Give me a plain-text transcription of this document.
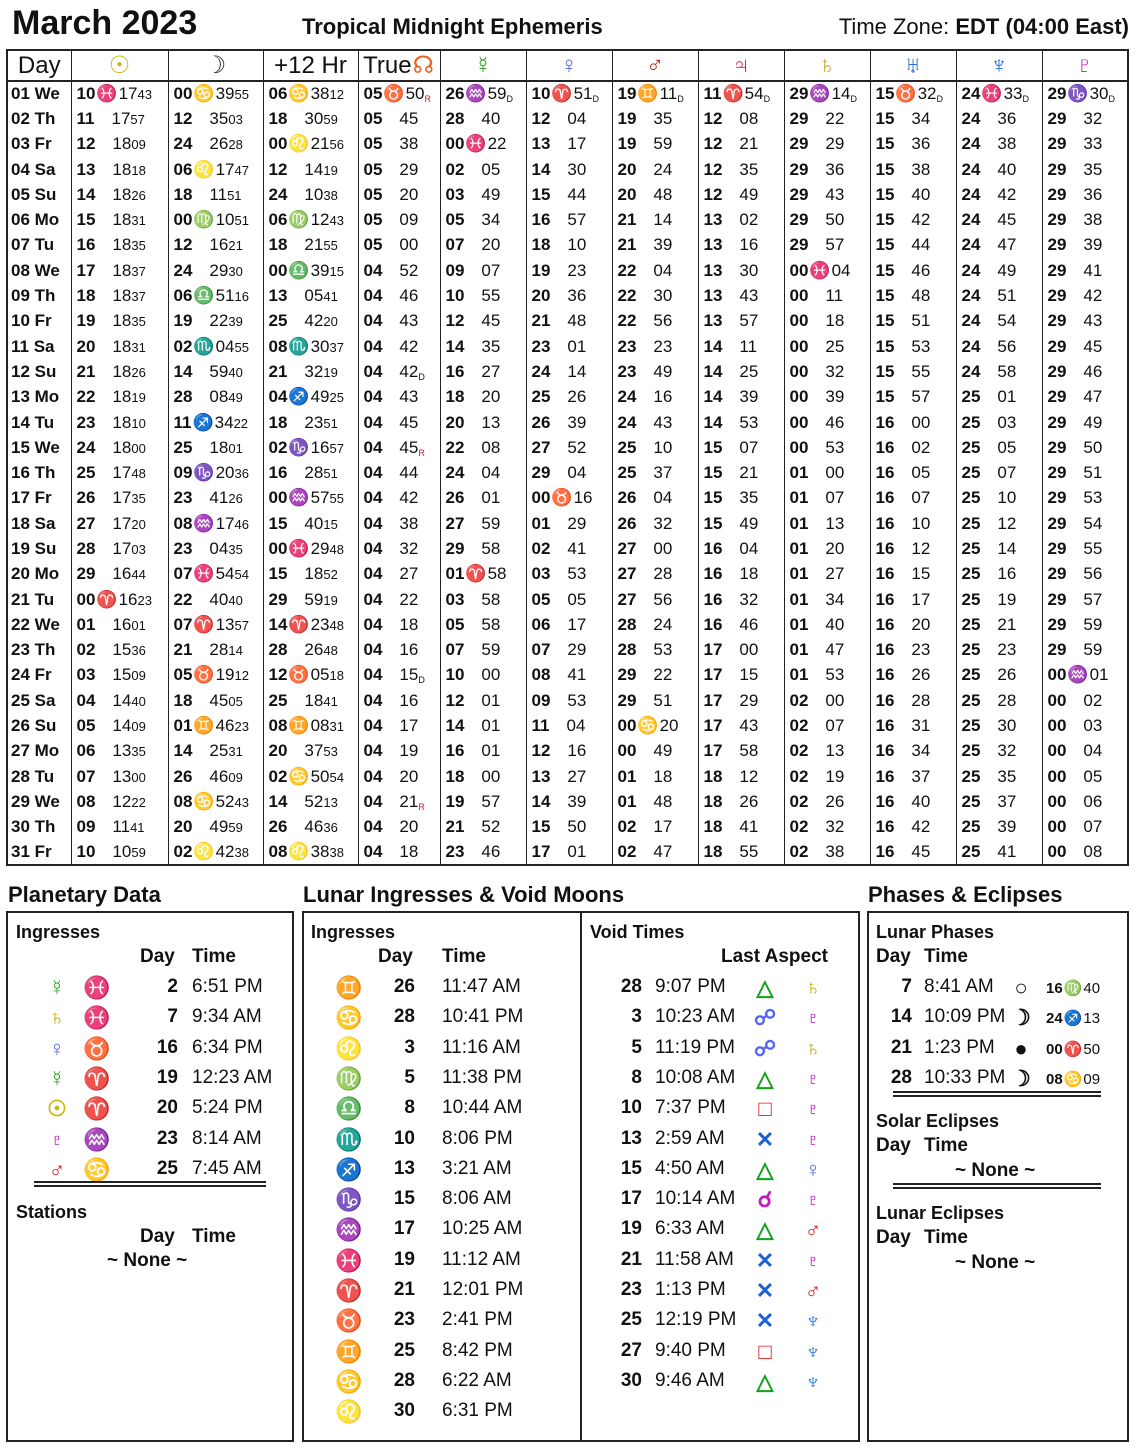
March 2023	Tropical Midnight Ephemeris	Time Zone: EDT (04:00 East)
Day	☉	☽	+12 Hr	True☊	☿	♀	♂	♃	♄	♅	♆	♇
01 We	10♓1743	00♋3955	06♋3812	05♉50R	26♒59D	10♈51D	19♊11D	11♈54D	29♒14D	15♉32D	24♓33D	29♑30D
02 Th	11   1757	12   3503	18   3059	05   45	28   40	12   04	19   35	12   08	29   22	15   34	24   36	29   32
03 Fr	12   1809	24   2628	00♌2156	05   38	00♓22	13   17	19   59	12   21	29   29	15   36	24   38	29   33
04 Sa	13   1818	06♌1747	12   1419	05   29	02   05	14   30	20   24	12   35	29   36	15   38	24   40	29   35
05 Su	14   1826	18   1151	24   1038	05   20	03   49	15   44	20   48	12   49	29   43	15   40	24   42	29   36
06 Mo	15   1831	00♍1051	06♍1243	05   09	05   34	16   57	21   14	13   02	29   50	15   42	24   45	29   38
07 Tu	16   1835	12   1621	18   2155	05   00	07   20	18   10	21   39	13   16	29   57	15   44	24   47	29   39
08 We	17   1837	24   2930	00♎3915	04   52	09   07	19   23	22   04	13   30	00♓04	15   46	24   49	29   41
09 Th	18   1837	06♎5116	13   0541	04   46	10   55	20   36	22   30	13   43	00   11	15   48	24   51	29   42
10 Fr	19   1835	19   2239	25   4220	04   43	12   45	21   48	22   56	13   57	00   18	15   51	24   54	29   43
11 Sa	20   1831	02♏0455	08♏3037	04   42	14   35	23   01	23   23	14   11	00   25	15   53	24   56	29   45
12 Su	21   1826	14   5940	21   3219	04   42D	16   27	24   14	23   49	14   25	00   32	15   55	24   58	29   46
13 Mo	22   1819	28   0849	04♐4925	04   43	18   20	25   26	24   16	14   39	00   39	15   57	25   01	29   47
14 Tu	23   1810	11♐3422	18   2351	04   45	20   13	26   39	24   43	14   53	00   46	16   00	25   03	29   49
15 We	24   1800	25   1801	02♑1657	04   45R	22   08	27   52	25   10	15   07	00   53	16   02	25   05	29   50
16 Th	25   1748	09♑2036	16   2851	04   44	24   04	29   04	25   37	15   21	01   00	16   05	25   07	29   51
17 Fr	26   1735	23   4126	00♒5755	04   42	26   01	00♉16	26   04	15   35	01   07	16   07	25   10	29   53
18 Sa	27   1720	08♒1746	15   4015	04   38	27   59	01   29	26   32	15   49	01   13	16   10	25   12	29   54
19 Su	28   1703	23   0435	00♓2948	04   32	29   58	02   41	27   00	16   04	01   20	16   12	25   14	29   55
20 Mo	29   1644	07♓5454	15   1852	04   27	01♈58	03   53	27   28	16   18	01   27	16   15	25   16	29   56
21 Tu	00♈1623	22   4040	29   5919	04   22	03   58	05   05	27   56	16   32	01   34	16   17	25   19	29   57
22 We	01   1601	07♈1357	14♈2348	04   18	05   58	06   17	28   24	16   46	01   40	16   20	25   21	29   59
23 Th	02   1536	21   2814	28   2648	04   16	07   59	07   29	28   53	17   00	01   47	16   23	25   23	29   59
24 Fr	03   1509	05♉1912	12♉0518	04   15D	10   00	08   41	29   22	17   15	01   53	16   26	25   26	00♒01
25 Sa	04   1440	18   4505	25   1841	04   16	12   01	09   53	29   51	17   29	02   00	16   28	25   28	00   02
26 Su	05   1409	01♊4623	08♊0831	04   17	14   01	11   04	00♋20	17   43	02   07	16   31	25   30	00   03
27 Mo	06   1335	14   2531	20   3753	04   19	16   01	12   16	00   49	17   58	02   13	16   34	25   32	00   04
28 Tu	07   1300	26   4609	02♋5054	04   20	18   00	13   27	01   18	18   12	02   19	16   37	25   35	00   05
29 We	08   1222	08♋5243	14   5213	04   21R	19   57	14   39	01   48	18   26	02   26	16   40	25   37	00   06
30 Th	09   1141	20   4959	26   4636	04   20	21   52	15   50	02   17	18   41	02   32	16   42	25   39	00   07
31 Fr	10   1059	02♌4238	08♌3838	04   18	23   46	17   01	02   47	18   55	02   38	16   45	25   41	00   08
Planetary Data
Ingresses
Day Time
☿ ♓	2 6:51 PM
♄ ♓	7 9:34 AM
♀ ♉	16 6:34 PM
☿ ♈	19 12:23 AM
☉ ♈	20 5:24 PM
♇ ♒	23 8:14 AM
♂ ♋	25 7:45 AM
Stations
Day Time
~ None ~
Lunar Ingresses & Void Moons
Ingresses
Day Time
♊	26 11:47 AM
♋	28 10:41 PM
♌	3 11:16 AM
♍	5 11:38 PM
♎	8 10:44 AM
♏	10 8:06 PM
♐	13 3:21 AM
♑	15 8:06 AM
♒	17 10:25 AM
♓	19 11:12 AM
♈	21 12:01 PM
♉	23 2:41 PM
♊	25 8:42 PM
♋	28 6:22 AM
♌	30 6:31 PM
Void Times
Last Aspect
28 9:07 PM △	♄
3 10:23 AM ☍	♇
5 11:19 PM ☍	♄
8 10:08 AM △	♇
10 7:37 PM	□	♇
13 2:59 AM ✕	♇
15 4:50 AM △	♀
17 10:14 AM	☌	♇
19 6:33 AM △	♂
21 11:58 AM ✕	♇
23 1:13 PM ✕	♂
25 12:19 PM ✕	♆
27 9:40 PM	□	♆
30 9:46 AM △	♆
Phases & Eclipses
Lunar Phases
Day Time
7 8:41 AM ○	16♍40
14 10:09 PM ☽	24♐13
21 1:23 PM ●	00♈50
28 10:33 PM ☽	08♋09
Solar Eclipses
Day Time
~ None ~
Lunar Eclipses
Day Time
~ None ~
